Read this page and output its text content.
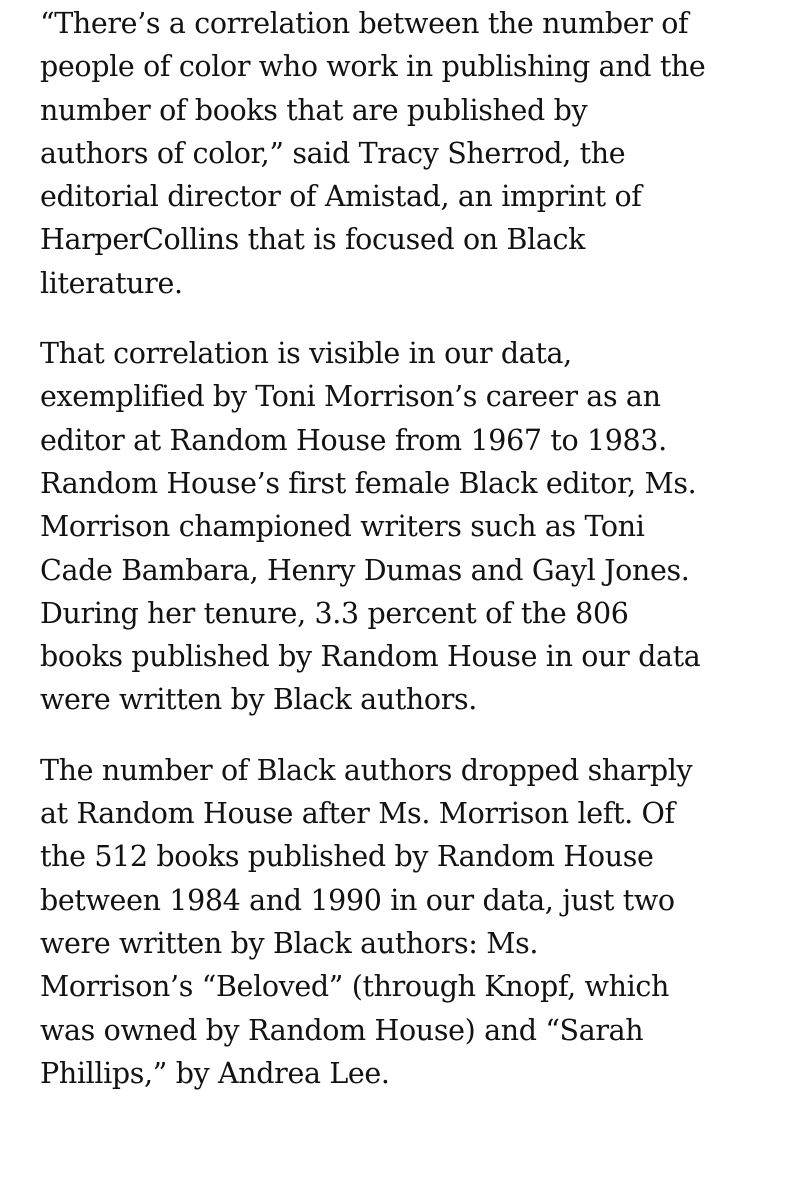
“There’s a correlation between the number of
people of color who work in publishing and the
number of books that are published by
authors of color,” said Tracy Sherrod, the
editorial director of Amistad, an imprint of
HarperCollins that is focused on Black
literature.

That correlation is visible in our data,
exemplified by Toni Morrison’s career as an
editor at Random House from 1967 to 1983.
Random House’s first female Black editor, Ms.
Morrison championed writers such as Toni
Cade Bambara, Henry Dumas and Gayl Jones.
During her tenure, 3.3 percent of the 806
books published by Random House in our data
were written by Black authors.

The number of Black authors dropped sharply
at Random House after Ms. Morrison left. Of
the 512 books published by Random House
between 1984 and 1990 in our data, just two
were written by Black authors: Ms.
Morrison’s “Beloved” (through Knopf, which
was owned by Random House) and “Sarah
Phillips,” by Andrea Lee.
